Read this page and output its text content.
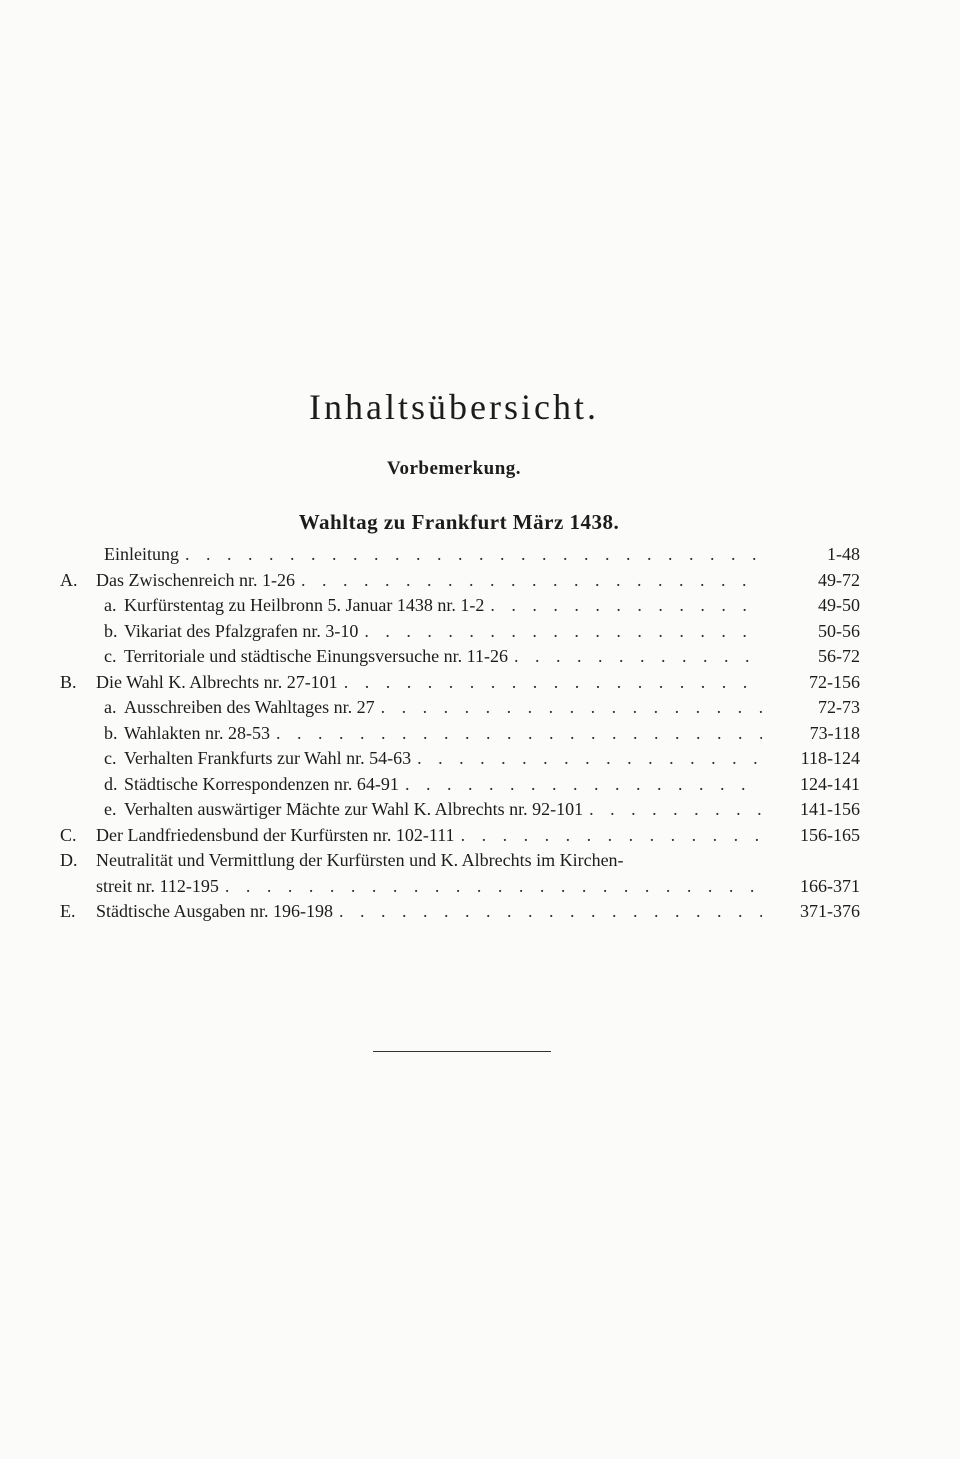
Inhaltsübersicht.
Vorbemerkung.
Wahltag zu Frankfurt März 1438.
Einleitung . . .	1-48
A.	Das Zwischenreich nr. 1-26 . . .	49-72
a. Kurfürstentag zu Heilbronn 5. Januar 1438 nr. 1-2 . . .	49-50
b. Vikariat des Pfalzgrafen nr. 3-10 . . .	50-56
c. Territoriale und städtische Einungsversuche nr. 11-26 . . .	56-72
B.	Die Wahl K. Albrechts nr. 27-101 . . .	72-156
a. Ausschreiben des Wahltages nr. 27 . . .	72-73
b. Wahlakten nr. 28-53 . . .	73-118
c. Verhalten Frankfurts zur Wahl nr. 54-63 . . .	118-124
d. Städtische Korrespondenzen nr. 64-91 . . .	124-141
e. Verhalten auswärtiger Mächte zur Wahl K. Albrechts nr. 92-101 . . .	141-156
C.	Der Landfriedensbund der Kurfürsten nr. 102-111 . . .	156-165
D.	Neutralität und Vermittlung der Kurfürsten und K. Albrechts im Kirchen-
streit nr. 112-195 . . .	166-371
E.	Städtische Ausgaben nr. 196-198 . . .	371-376
